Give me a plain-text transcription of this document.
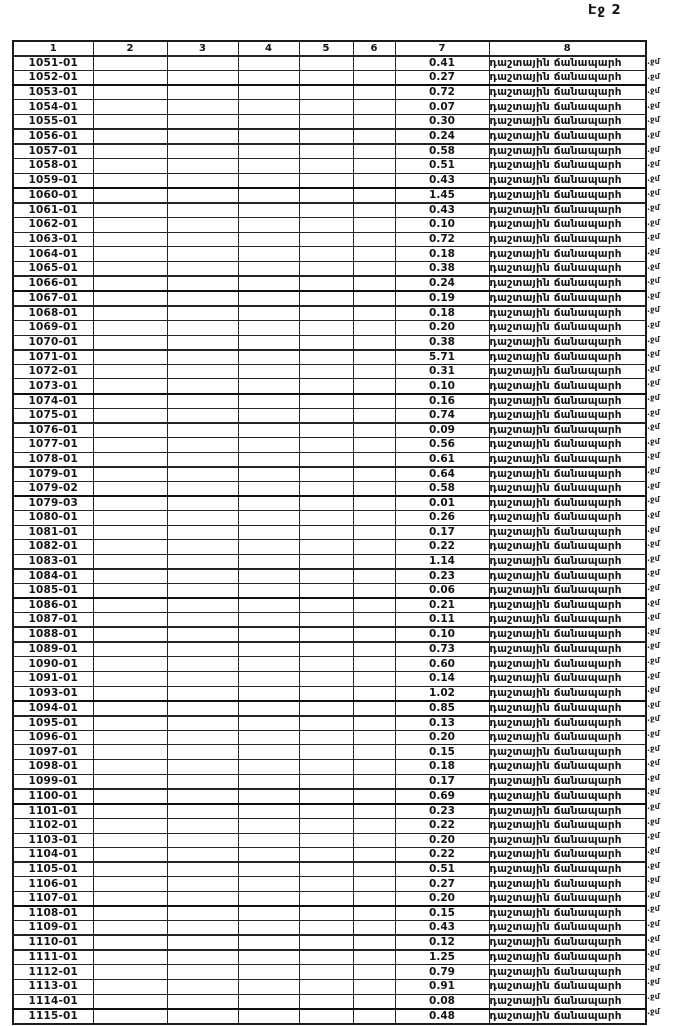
Էջ 2
1	2	3	4	5	6	7	8
1051-01						0.41	դաշտային ճանապարհ
1052-01						0.27	դաշտային ճանապարհ
1053-01						0.72	դաշտային ճանապարհ
1054-01						0.07	դաշտային ճանապարհ
1055-01						0.30	դաշտային ճանապարհ
1056-01						0.24	դաշտային ճանապարհ
1057-01						0.58	դաշտային ճանապարհ
1058-01						0.51	դաշտային ճանապարհ
1059-01						0.43	դաշտային ճանապարհ
1060-01						1.45	դաշտային ճանապարհ
1061-01						0.43	դաշտային ճանապարհ
1062-01						0.10	դաշտային ճանապարհ
1063-01						0.72	դաշտային ճանապարհ
1064-01						0.18	դաշտային ճանապարհ
1065-01						0.38	դաշտային ճանապարհ
1066-01						0.24	դաշտային ճանապարհ
1067-01						0.19	դաշտային ճանապարհ
1068-01						0.18	դաշտային ճանապարհ
1069-01						0.20	դաշտային ճանապարհ
1070-01						0.38	դաշտային ճանապարհ
1071-01						5.71	դաշտային ճանապարհ
1072-01						0.31	դաշտային ճանապարհ
1073-01						0.10	դաշտային ճանապարհ
1074-01						0.16	դաշտային ճանապարհ
1075-01						0.74	դաշտային ճանապարհ
1076-01						0.09	դաշտային ճանապարհ
1077-01						0.56	դաշտային ճանապարհ
1078-01						0.61	դաշտային ճանապարհ
1079-01						0.64	դաշտային ճանապարհ
1079-02						0.58	դաշտային ճանապարհ
1079-03						0.01	դաշտային ճանապարհ
1080-01						0.26	դաշտային ճանապարհ
1081-01						0.17	դաշտային ճանապարհ
1082-01						0.22	դաշտային ճանապարհ
1083-01						1.14	դաշտային ճանապարհ
1084-01						0.23	դաշտային ճանապարհ
1085-01						0.06	դաշտային ճանապարհ
1086-01						0.21	դաշտային ճանապարհ
1087-01						0.11	դաշտային ճանապարհ
1088-01						0.10	դաշտային ճանապարհ
1089-01						0.73	դաշտային ճանապարհ
1090-01						0.60	դաշտային ճանապարհ
1091-01						0.14	դաշտային ճանապարհ
1093-01						1.02	դաշտային ճանապարհ
1094-01						0.85	դաշտային ճանապարհ
1095-01						0.13	դաշտային ճանապարհ
1096-01						0.20	դաշտային ճանապարհ
1097-01						0.15	դաշտային ճանապարհ
1098-01						0.18	դաշտային ճանապարհ
1099-01						0.17	դաշտային ճանապարհ
1100-01						0.69	դաշտային ճանապարհ
1101-01						0.23	դաշտային ճանապարհ
1102-01						0.22	դաշտային ճանապարհ
1103-01						0.20	դաշտային ճանապարհ
1104-01						0.22	դաշտային ճանապարհ
1105-01						0.51	դաշտային ճանապարհ
1106-01						0.27	դաշտային ճանապարհ
1107-01						0.20	դաշտային ճանապարհ
1108-01						0.15	դաշտային ճանապարհ
1109-01						0.43	դաշտային ճանապարհ
1110-01						0.12	դաշտային ճանապարհ
1111-01						1.25	դաշտային ճանապարհ
1112-01						0.79	դաշտային ճանապարհ
1113-01						0.91	դաշտային ճանապարհ
1114-01						0.08	դաշտային ճանապարհ
1115-01						0.48	դաշտային ճանապարհ
.ջմ
.ջմ
.ջմ
.ջմ
.ջմ
.ջմ
.ջմ
.ջմ
.ջմ
.ջմ
.ջմ
.ջմ
.ջմ
.ջմ
.ջմ
.ջմ
.ջմ
.ջմ
.ջմ
.ջմ
.ջմ
.ջմ
.ջմ
.ջմ
.ջմ
.ջմ
.ջմ
.ջմ
.ջմ
.ջմ
.ջմ
.ջմ
.ջմ
.ջմ
.ջմ
.ջմ
.ջմ
.ջմ
.ջմ
.ջմ
.ջմ
.ջմ
.ջմ
.ջմ
.ջմ
.ջմ
.ջմ
.ջմ
.ջմ
.ջմ
.ջմ
.ջմ
.ջմ
.ջմ
.ջմ
.ջմ
.ջմ
.ջմ
.ջմ
.ջմ
.ջմ
.ջմ
.ջմ
.ջմ
.ջմ
.ջմ
